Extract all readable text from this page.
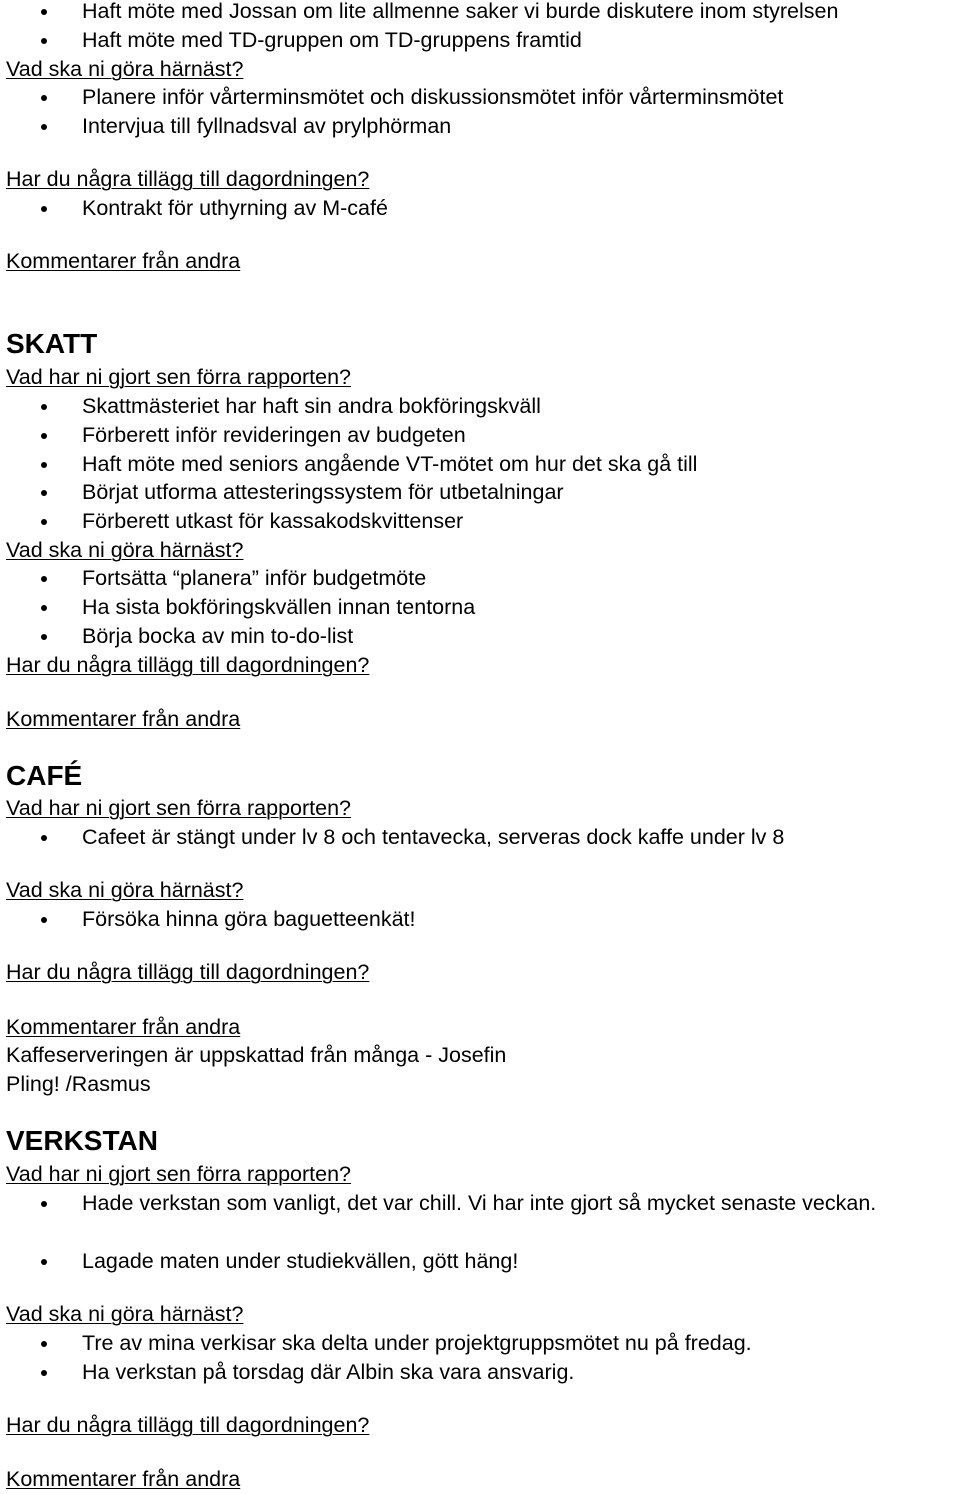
Haft möte med Jossan om lite allmenne saker vi burde diskutere inom styrelsen
Haft möte med TD-gruppen om TD-gruppens framtid
Vad ska ni göra härnäst?
Planere inför vårterminsmötet och diskussionsmötet inför vårterminsmötet
Intervjua till fyllnadsval av prylphörman
Har du några tillägg till dagordningen?
Kontrakt för uthyrning av M-café
Kommentarer från andra
SKATT
Vad har ni gjort sen förra rapporten?
Skattmästeriet har haft sin andra bokföringskväll
Förberett inför revideringen av budgeten
Haft möte med seniors angående VT-mötet om hur det ska gå till
Börjat utforma attesteringssystem för utbetalningar
Förberett utkast för kassakodskvittenser
Vad ska ni göra härnäst?
Fortsätta “planera” inför budgetmöte
Ha sista bokföringskvällen innan tentorna
Börja bocka av min to-do-list
Har du några tillägg till dagordningen?
Kommentarer från andra
CAFÉ
Vad har ni gjort sen förra rapporten?
Cafeet är stängt under lv 8 och tentavecka, serveras dock kaffe under lv 8
Vad ska ni göra härnäst?
Försöka hinna göra baguetteenkät!
Har du några tillägg till dagordningen?
Kommentarer från andra
Kaffeserveringen är uppskattad från många - Josefin
Pling! /Rasmus
VERKSTAN
Vad har ni gjort sen förra rapporten?
Hade verkstan som vanligt, det var chill. Vi har inte gjort så mycket senaste veckan.
Lagade maten under studiekvällen, gött häng!
Vad ska ni göra härnäst?
Tre av mina verkisar ska delta under projektgruppsmötet nu på fredag.
Ha verkstan på torsdag där Albin ska vara ansvarig.
Har du några tillägg till dagordningen?
Kommentarer från andra
